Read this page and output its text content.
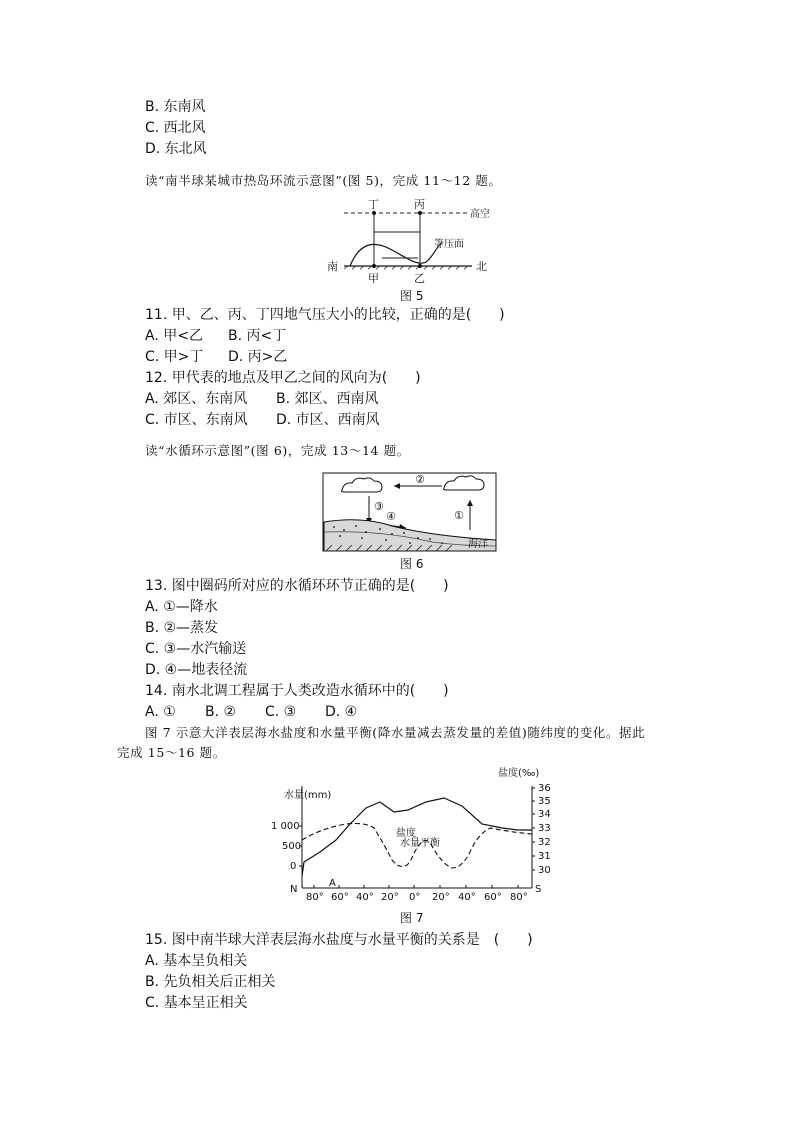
B. 东南风
C. 西北风
D. 东北风
读“南半球某城市热岛环流示意图”(图 5)，完成 11～12 题。
丁	丙
高空
等压面
南	北
甲	乙
图 5
11. 甲、乙、丙、丁四地气压大小的比较，正确的是(　　)
A. 甲<乙 B. 丙<丁
C. 甲>丁 D. 丙>乙
12. 甲代表的地点及甲乙之间的风向为(　　)
A. 郊区、东南风 B. 郊区、西南风
C. 市区、东南风 D. 市区、西南风
读“水循环示意图”(图 6)，完成 13～14 题。
②
①
③
④
海洋
图 6
13. 图中圈码所对应的水循环环节正确的是(　　)
A. ①—降水
B. ②—蒸发
C. ③—水汽输送
D. ④—地表径流
14. 南水北调工程属于人类改造水循环中的(　　)
A. ① B. ② C. ③ D. ④
图 7 示意大洋表层海水盐度和水量平衡(降水量减去蒸发量的差值)随纬度的变化。据此
完成 15～16 题。
水量(mm)
盐度(‰)
1 000
500
0
36
35
34
33
32
31
30
80° 60° 40° 20° 0° 20° 40° 60° 80°
N	S
A
盐度
水量平衡
图 7
15. 图中南半球大洋表层海水盐度与水量平衡的关系是　(　　)
A. 基本呈负相关
B. 先负相关后正相关
C. 基本呈正相关
